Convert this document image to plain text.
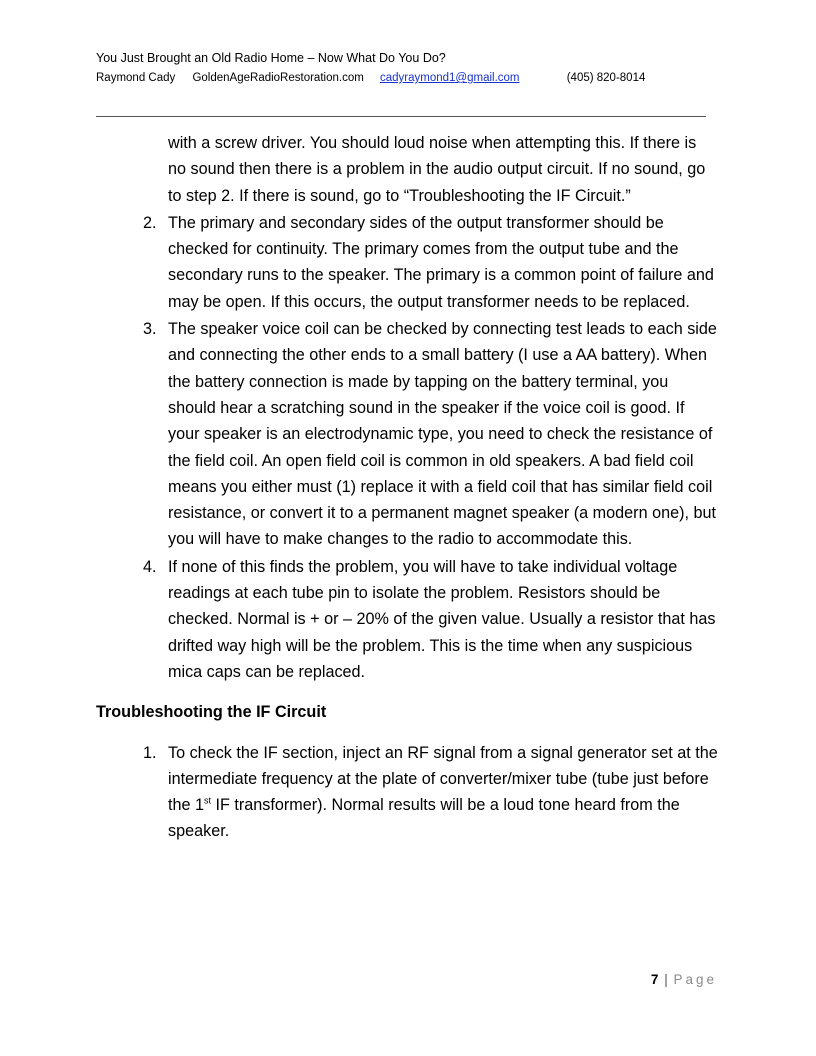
You Just Brought an Old Radio Home – Now What Do You Do?
Raymond Cady GoldenAgeRadioRestoration.com cadyraymond1@gmail.com	(405) 820-8014
with a screw driver. You should loud noise when attempting this. If there is no sound then there is a problem in the audio output circuit. If no sound, go to step 2. If there is sound, go to “Troubleshooting the IF Circuit.”
2. The primary and secondary sides of the output transformer should be checked for continuity. The primary comes from the output tube and the secondary runs to the speaker. The primary is a common point of failure and may be open. If this occurs, the output transformer needs to be replaced.
3. The speaker voice coil can be checked by connecting test leads to each side and connecting the other ends to a small battery (I use a AA battery). When the battery connection is made by tapping on the battery terminal, you should hear a scratching sound in the speaker if the voice coil is good. If your speaker is an electrodynamic type, you need to check the resistance of the field coil. An open field coil is common in old speakers. A bad field coil means you either must (1) replace it with a field coil that has similar field coil resistance, or convert it to a permanent magnet speaker (a modern one), but you will have to make changes to the radio to accommodate this.
4. If none of this finds the problem, you will have to take individual voltage readings at each tube pin to isolate the problem. Resistors should be checked. Normal is + or – 20% of the given value. Usually a resistor that has drifted way high will be the problem. This is the time when any suspicious mica caps can be replaced.
Troubleshooting the IF Circuit
1. To check the IF section, inject an RF signal from a signal generator set at the intermediate frequency at the plate of converter/mixer tube (tube just before the 1st IF transformer). Normal results will be a loud tone heard from the speaker.
7 | Page
